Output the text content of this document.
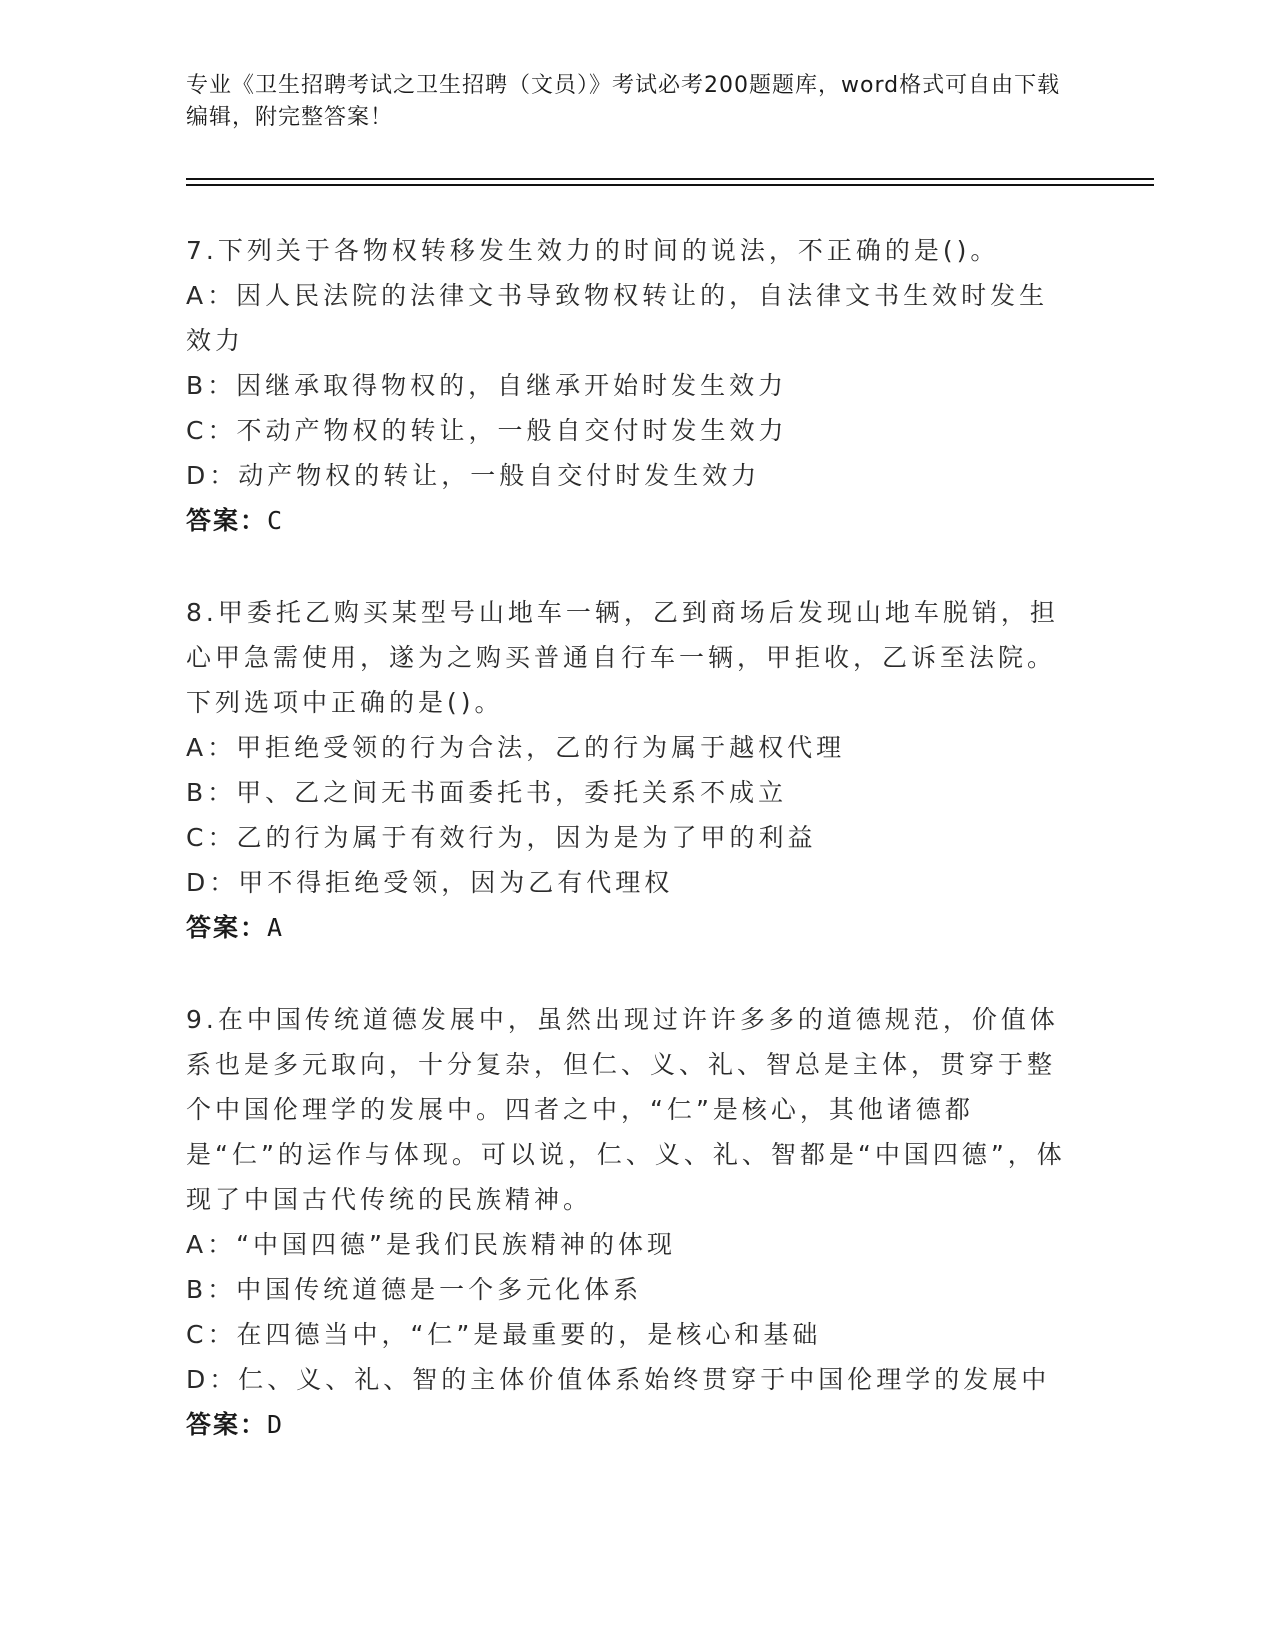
专业《卫生招聘考试之卫生招聘（文员）》考试必考200题题库，word格式可自由下载编辑，附完整答案！
7.下列关于各物权转移发生效力的时间的说法，不正确的是()。
A：因人民法院的法律文书导致物权转让的，自法律文书生效时发生效力
B：因继承取得物权的，自继承开始时发生效力
C：不动产物权的转让，一般自交付时发生效力
D：动产物权的转让，一般自交付时发生效力
答案：C
8.甲委托乙购买某型号山地车一辆，乙到商场后发现山地车脱销，担心甲急需使用，遂为之购买普通自行车一辆，甲拒收，乙诉至法院。下列选项中正确的是()。
A：甲拒绝受领的行为合法，乙的行为属于越权代理
B：甲、乙之间无书面委托书，委托关系不成立
C：乙的行为属于有效行为，因为是为了甲的利益
D：甲不得拒绝受领，因为乙有代理权
答案：A
9.在中国传统道德发展中，虽然出现过许许多多的道德规范，价值体系也是多元取向，十分复杂，但仁、义、礼、智总是主体，贯穿于整个中国伦理学的发展中。四者之中，“仁”是核心，其他诸德都是“仁”的运作与体现。可以说，仁、义、礼、智都是“中国四德”，体现了中国古代传统的民族精神。
A：“中国四德”是我们民族精神的体现
B：中国传统道德是一个多元化体系
C：在四德当中，“仁”是最重要的，是核心和基础
D：仁、义、礼、智的主体价值体系始终贯穿于中国伦理学的发展中
答案：D
